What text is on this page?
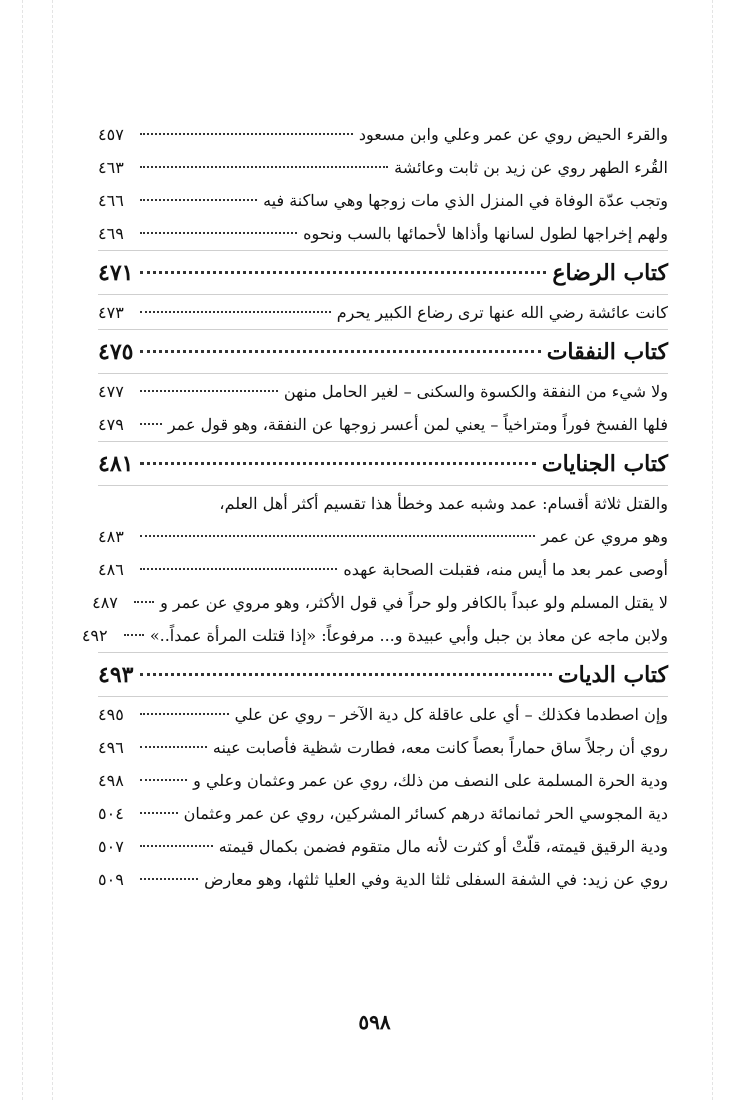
والقرء الحيض روي عن عمر وعلي وابن مسعود
٤٥٧
القُرء الطهر روي عن زيد بن ثابت وعائشة
٤٦٣
وتجب عدّة الوفاة في المنزل الذي مات زوجها وهي ساكنة فيه
٤٦٦
ولهم إخراجها لطول لسانها وأذاها لأحمائها بالسب ونحوه
٤٦٩
كتاب الرضاع
٤٧١
كانت عائشة رضي الله عنها ترى رضاع الكبير يحرم
٤٧٣
كتاب النفقات
٤٧٥
ولا شيء من النفقة والكسوة والسكنى – لغير الحامل منهن
٤٧٧
فلها الفسخ فوراً ومتراخياً – يعني لمن أعسر زوجها عن النفقة، وهو قول عمر
٤٧٩
كتاب الجنايات
٤٨١
والقتل ثلاثة أقسام: عمد وشبه عمد وخطأ هذا تقسيم أكثر أهل العلم،
وهو مروي عن عمر
٤٨٣
أوصى عمر بعد ما أيس منه، فقبلت الصحابة عهده
٤٨٦
لا يقتل المسلم ولو عبداً بالكافر ولو حراً في قول الأكثر، وهو مروي عن عمر و
٤٨٧
ولابن ماجه عن معاذ بن جبل وأبي عبيدة و... مرفوعاً: «إذا قتلت المرأة عمداً..»
٤٩٢
كتاب الديات
٤٩٣
وإن اصطدما فكذلك – أي على عاقلة كل دية الآخر – روي عن علي
٤٩٥
روي أن رجلاً ساق حماراً بعصاً كانت معه، فطارت شظية فأصابت عينه
٤٩٦
ودية الحرة المسلمة على النصف من ذلك، روي عن عمر وعثمان وعلي و
٤٩٨
دية المجوسي الحر ثمانمائة درهم كسائر المشركين، روي عن عمر وعثمان
٥٠٤
ودية الرقيق قيمته، قلّتْ أو كثرت لأنه مال متقوم فضمن بكمال قيمته
٥٠٧
روي عن زيد: في الشفة السفلى ثلثا الدية وفي العليا ثلثها، وهو معارض
٥٠٩
٥٩٨
